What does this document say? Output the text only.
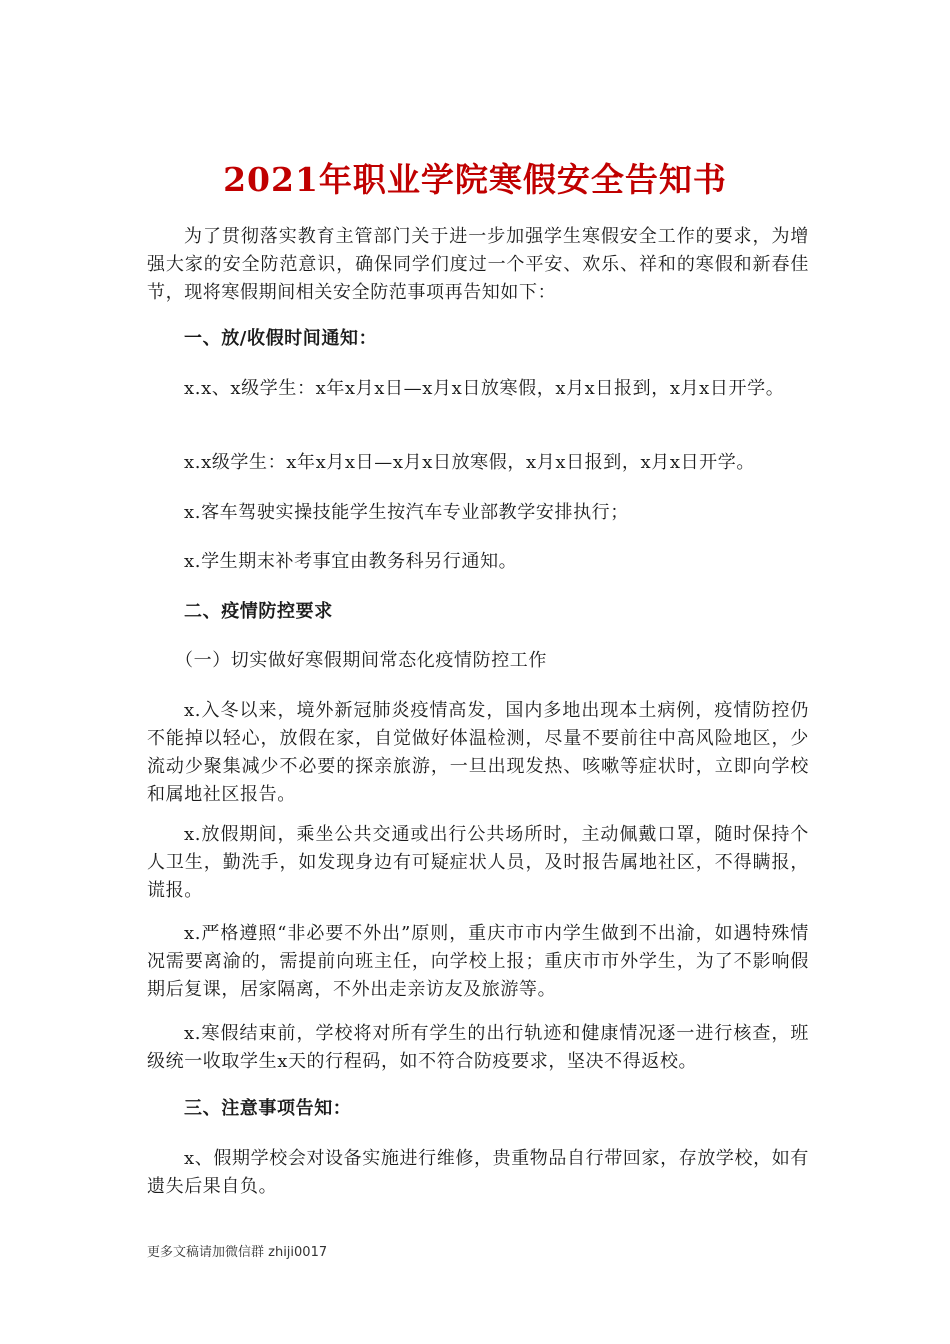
2021年职业学院寒假安全告知书

为了贯彻落实教育主管部门关于进一步加强学生寒假安全工作的要求，为增强大家的安全防范意识，确保同学们度过一个平安、欢乐、祥和的寒假和新春佳节，现将寒假期间相关安全防范事项再告知如下：

一、放/收假时间通知：

x.x、x级学生：x年x月x日—x月x日放寒假，x月x日报到，x月x日开学。

x.x级学生：x年x月x日—x月x日放寒假，x月x日报到，x月x日开学。

x.客车驾驶实操技能学生按汽车专业部教学安排执行；

x.学生期末补考事宜由教务科另行通知。

二、疫情防控要求

（一）切实做好寒假期间常态化疫情防控工作

x.入冬以来，境外新冠肺炎疫情高发，国内多地出现本土病例，疫情防控仍不能掉以轻心，放假在家，自觉做好体温检测，尽量不要前往中高风险地区，少流动少聚集减少不必要的探亲旅游，一旦出现发热、咳嗽等症状时，立即向学校和属地社区报告。

x.放假期间，乘坐公共交通或出行公共场所时，主动佩戴口罩，随时保持个人卫生，勤洗手，如发现身边有可疑症状人员，及时报告属地社区，不得瞒报，谎报。

x.严格遵照“非必要不外出”原则，重庆市市内学生做到不出渝，如遇特殊情况需要离渝的，需提前向班主任，向学校上报；重庆市市外学生，为了不影响假期后复课，居家隔离，不外出走亲访友及旅游等。

x.寒假结束前，学校将对所有学生的出行轨迹和健康情况逐一进行核查，班级统一收取学生x天的行程码，如不符合防疫要求，坚决不得返校。

三、注意事项告知：

x、假期学校会对设备实施进行维修，贵重物品自行带回家，存放学校，如有遗失后果自负。

更多文稿请加微信群 zhiji0017
